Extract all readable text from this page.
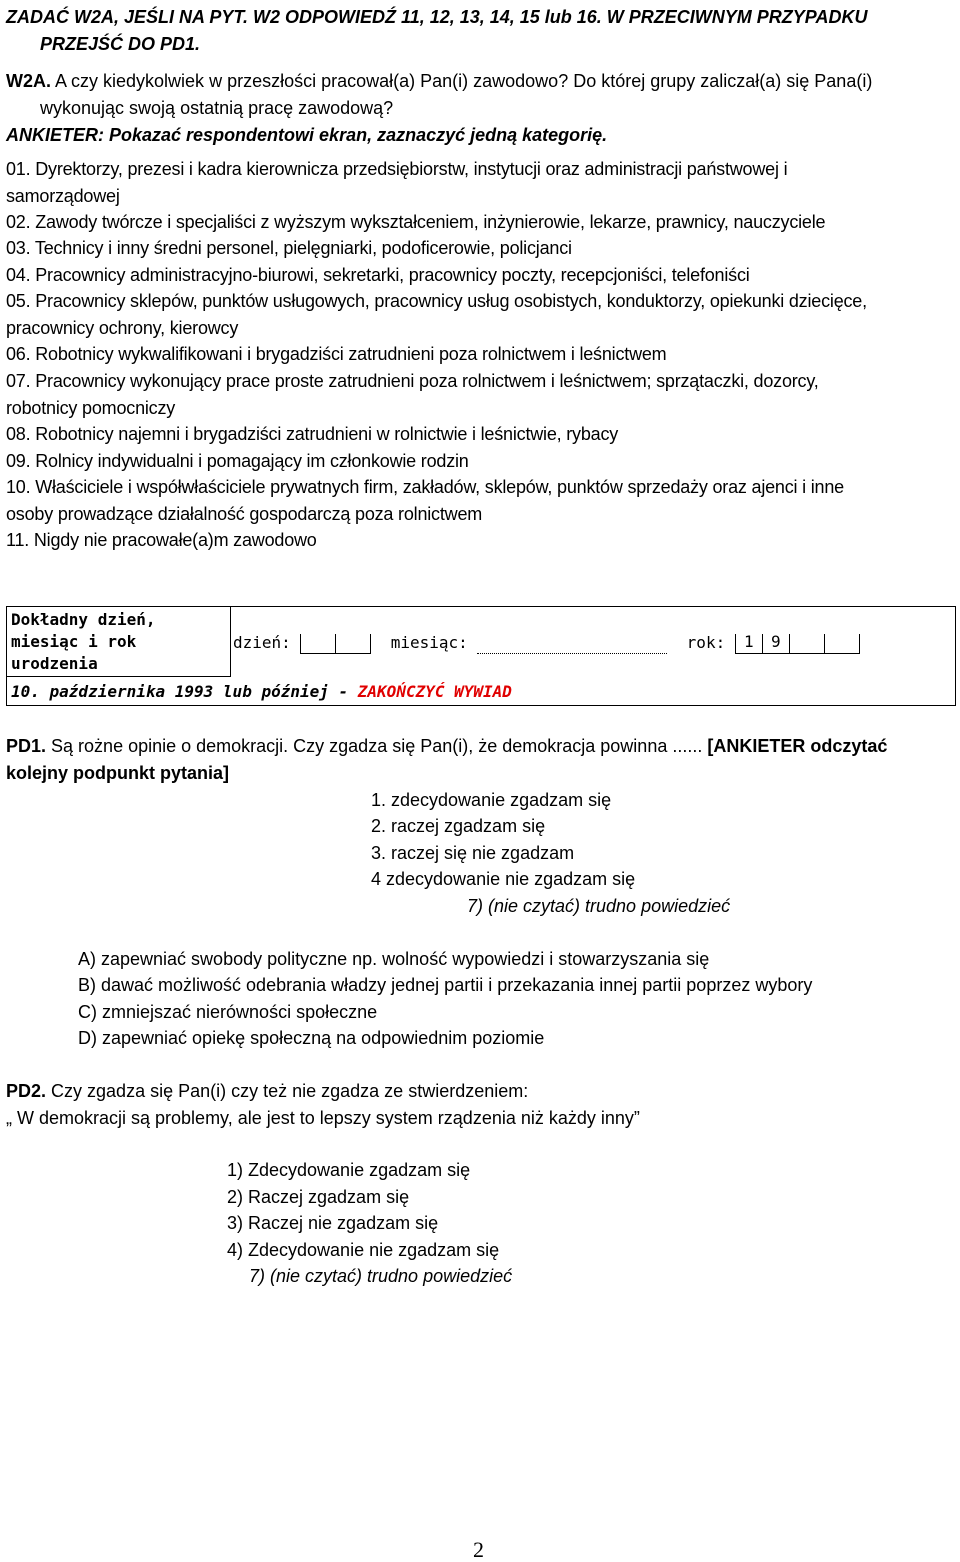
ZADAĆ W2A, JEŚLI NA PYT. W2 ODPOWIEDŹ 11, 12, 13, 14, 15 lub 16. W PRZECIWNYM PRZYPADKU
PRZEJŚĆ DO PD1.
W2A. A czy kiedykolwiek w przeszłości pracował(a) Pan(i) zawodowo? Do której grupy zaliczał(a) się Pana(i)
wykonując swoją ostatnią pracę zawodową?
ANKIETER: Pokazać respondentowi ekran, zaznaczyć jedną kategorię.
01. Dyrektorzy, prezesi i kadra kierownicza przedsiębiorstw, instytucji oraz administracji państwowej i
samorządowej
02. Zawody twórcze i specjaliści z wyższym wykształceniem, inżynierowie, lekarze, prawnicy, nauczyciele
03. Technicy i inny średni personel, pielęgniarki, podoficerowie, policjanci
04. Pracownicy administracyjno-biurowi, sekretarki, pracownicy poczty, recepcjoniści, telefoniści
05. Pracownicy sklepów, punktów usługowych, pracownicy usług osobistych, konduktorzy, opiekunki dziecięce,
pracownicy ochrony, kierowcy
06. Robotnicy wykwalifikowani i brygadziści zatrudnieni poza rolnictwem i leśnictwem
07. Pracownicy wykonujący prace proste zatrudnieni poza rolnictwem i leśnictwem; sprzątaczki, dozorcy,
robotnicy pomocniczy
08. Robotnicy najemni i brygadziści zatrudnieni w rolnictwie i leśnictwie, rybacy
09. Rolnicy indywidualni i pomagający im członkowie rodzin
10. Właściciele i współwłaściciele prywatnych firm, zakładów, sklepów, punktów sprzedaży oraz ajenci i inne
osoby prowadzące działalność gospodarczą poza rolnictwem
11. Nigdy nie pracowałe(a)m zawodowo
Dokładny dzień,
miesiąc i rok
urodzenia
dzień:	miesiąc:	rok: 1 9
10. października 1993 lub później - ZAKOŃCZYĆ WYWIAD
PD1. Są rożne opinie o demokracji. Czy zgadza się Pan(i), że demokracja powinna ...... [ANKIETER odczytać
kolejny podpunkt pytania]
1. zdecydowanie zgadzam się
2. raczej zgadzam się
3. raczej się nie zgadzam
4 zdecydowanie nie zgadzam się
7) (nie czytać) trudno powiedzieć
A) zapewniać swobody polityczne np. wolność wypowiedzi i stowarzyszania się
B) dawać możliwość odebrania władzy jednej partii i przekazania innej partii poprzez wybory
C) zmniejszać nierówności społeczne
D) zapewniać opiekę społeczną na odpowiednim poziomie
PD2. Czy zgadza się Pan(i) czy też nie zgadza ze stwierdzeniem:
„ W demokracji są problemy, ale jest to lepszy system rządzenia niż każdy inny”
1) Zdecydowanie zgadzam się
2) Raczej zgadzam się
3) Raczej nie zgadzam się
4) Zdecydowanie nie zgadzam się
7) (nie czytać) trudno powiedzieć
2
